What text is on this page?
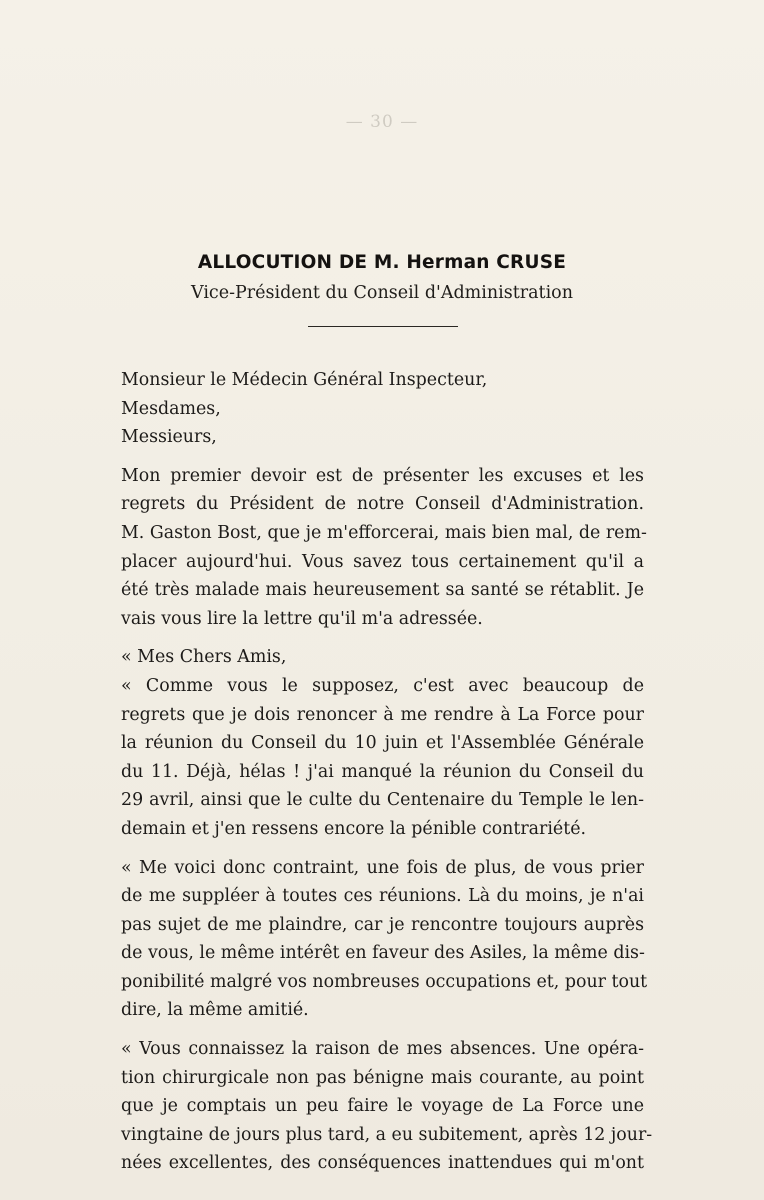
— 30 —
ALLOCUTION DE M. Herman CRUSE
Vice-Président du Conseil d'Administration
Monsieur le Médecin Général Inspecteur,
Mesdames,
Messieurs,
Mon premier devoir est de présenter les excuses et les
regrets du Président de notre Conseil d'Administration.
M. Gaston Bost, que je m'efforcerai, mais bien mal, de rem-
placer aujourd'hui. Vous savez tous certainement qu'il a
été très malade mais heureusement sa santé se rétablit. Je
vais vous lire la lettre qu'il m'a adressée.
« Mes Chers Amis,
« Comme vous le supposez, c'est avec beaucoup de
regrets que je dois renoncer à me rendre à La Force pour
la réunion du Conseil du 10 juin et l'Assemblée Générale
du 11. Déjà, hélas ! j'ai manqué la réunion du Conseil du
29 avril, ainsi que le culte du Centenaire du Temple le len-
demain et j'en ressens encore la pénible contrariété.
« Me voici donc contraint, une fois de plus, de vous prier
de me suppléer à toutes ces réunions. Là du moins, je n'ai
pas sujet de me plaindre, car je rencontre toujours auprès
de vous, le même intérêt en faveur des Asiles, la même dis-
ponibilité malgré vos nombreuses occupations et, pour tout
dire, la même amitié.
« Vous connaissez la raison de mes absences. Une opéra-
tion chirurgicale non pas bénigne mais courante, au point
que je comptais un peu faire le voyage de La Force une
vingtaine de jours plus tard, a eu subitement, après 12 jour-
nées excellentes, des conséquences inattendues qui m'ont
